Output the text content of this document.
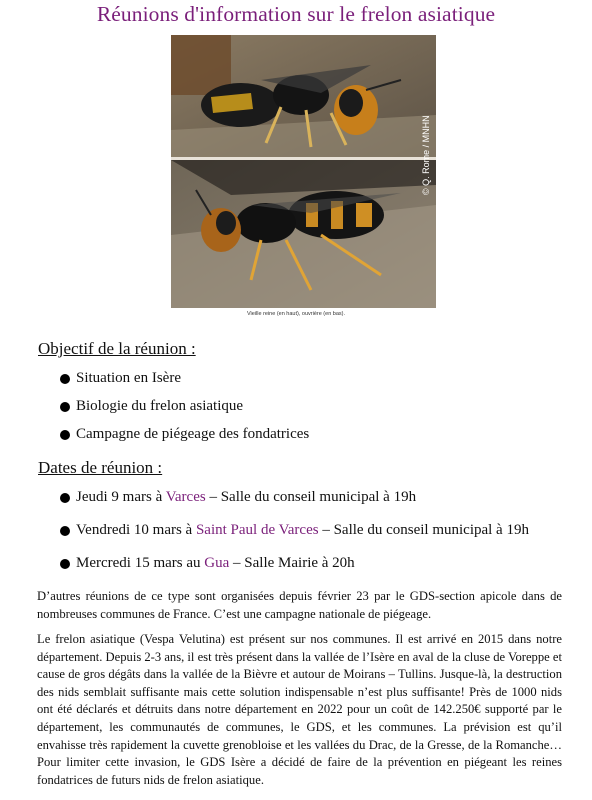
Réunions d'information sur le frelon asiatique
© Q. Rome / MNHN
Vieille reine (en haut), ouvrière (en bas).
Objectif de la réunion :
Situation en Isère
Biologie du frelon asiatique
Campagne de piégeage des fondatrices
Dates de réunion :
Jeudi 9 mars à Varces – Salle du conseil municipal à 19h
Vendredi 10 mars à Saint Paul de Varces – Salle du conseil municipal à 19h
Mercredi 15 mars au Gua – Salle Mairie à 20h

D’autres réunions de ce type sont organisées depuis février 23 par le GDS-section apicole dans de nombreuses communes de France. C’est une campagne nationale de piégeage.

Le frelon asiatique (Vespa Velutina) est présent sur nos communes. Il est arrivé en 2015 dans notre département. Depuis 2-3 ans, il est très présent dans la vallée de l’Isère en aval de la cluse de Voreppe et cause de gros dégâts dans la vallée de la Bièvre et autour de Moirans – Tullins. Jusque-là, la destruction des nids semblait suffisante mais cette solution indispensable n’est plus suffisante! Près de 1000 nids ont été déclarés et détruits dans notre département en 2022 pour un coût de 142.250€ supporté par le département, les communautés de communes, le GDS, et les communes. La prévision est qu’il envahisse très rapidement la cuvette grenobloise et les vallées du Drac, de la Gresse, de la Romanche… Pour limiter cette invasion, le GDS Isère a décidé de faire de la prévention en piégeant les reines fondatrices de futurs nids de frelon asiatique.
